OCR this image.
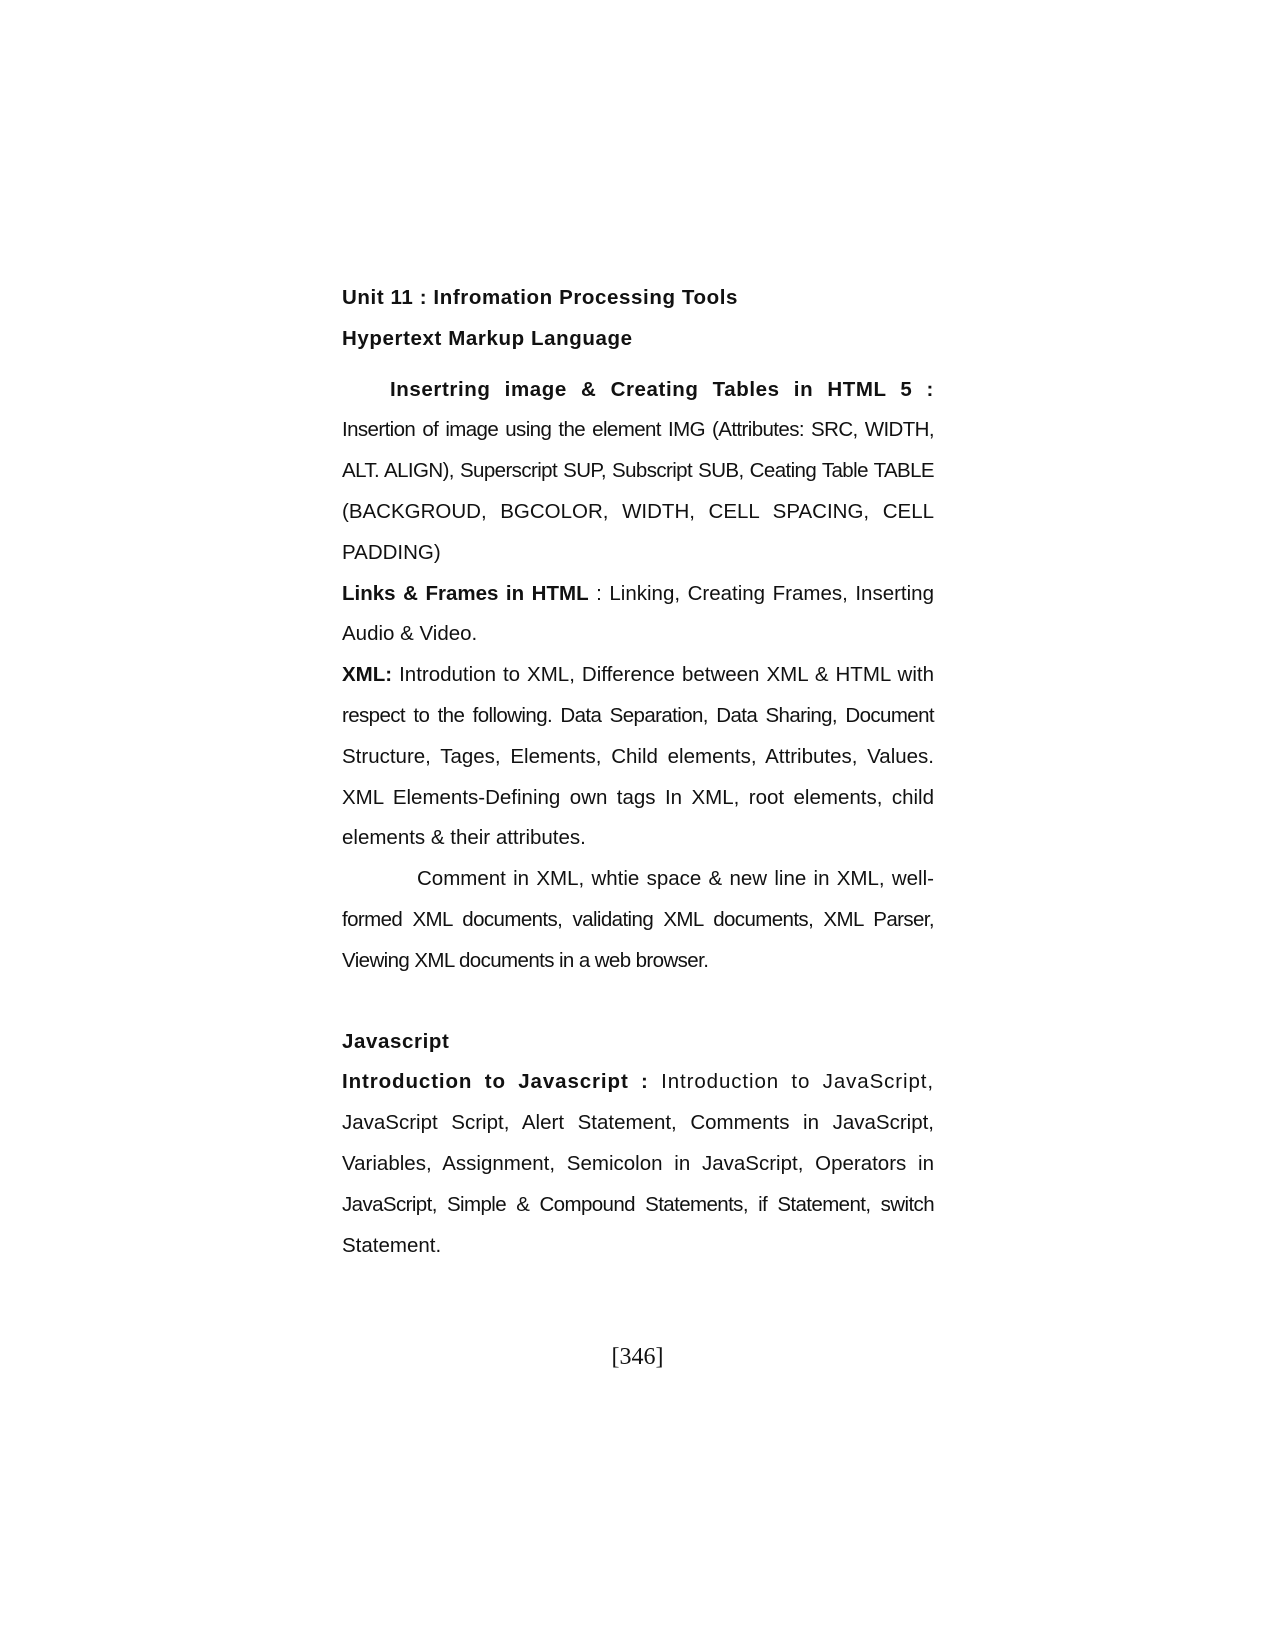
Unit 11 : Infromation Processing Tools
Hypertext Markup Language
Insertring image & Creating Tables in HTML 5 :
Insertion of image using the element IMG (Attributes: SRC, WIDTH,
ALT. ALIGN), Superscript SUP, Subscript SUB, Ceating Table TABLE
(BACKGROUD, BGCOLOR, WIDTH, CELL SPACING, CELL
PADDING)
Links & Frames in HTML : Linking, Creating Frames, Inserting
Audio & Video.
XML: Introdution to XML, Difference between XML & HTML with
respect to the following. Data Separation, Data Sharing, Document
Structure, Tages, Elements, Child elements, Attributes, Values.
XML Elements-Defining own tags In XML, root elements, child
elements & their attributes.
Comment in XML, whtie space & new line in XML, well-
formed XML documents, validating XML documents, XML Parser,
Viewing XML documents in a web browser.
Javascript
Introduction to Javascript : Introduction to JavaScript,
JavaScript Script, Alert Statement, Comments in JavaScript,
Variables, Assignment, Semicolon in JavaScript, Operators in
JavaScript, Simple & Compound Statements, if Statement, switch
Statement.
[346]
